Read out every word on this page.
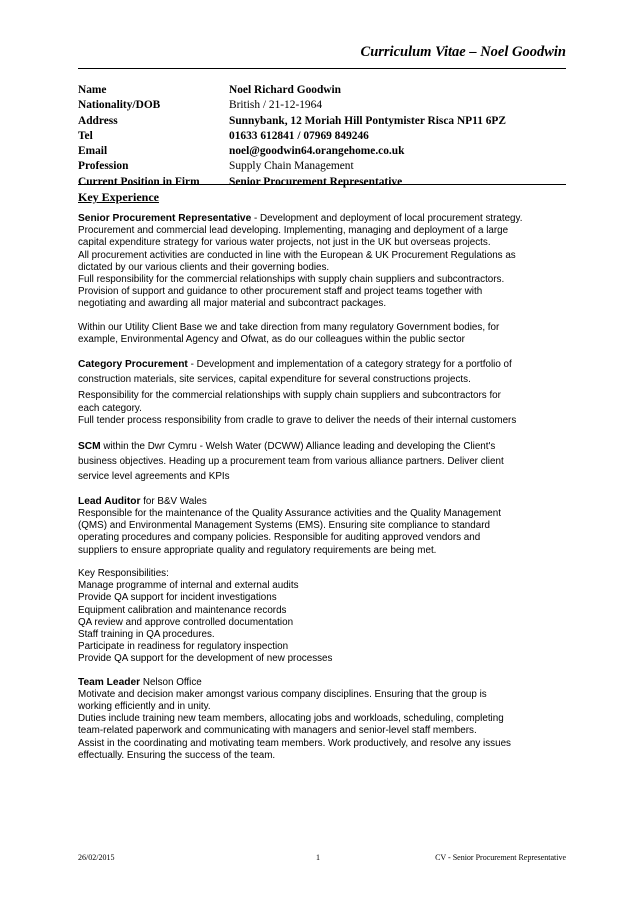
Curriculum Vitae – Noel Goodwin
Name	Noel Richard Goodwin
Nationality/DOB	British / 21-12-1964
Address	Sunnybank, 12 Moriah Hill Pontymister Risca NP11 6PZ
Tel	01633 612841 / 07969 849246
Email	noel@goodwin64.orangehome.co.uk
Profession	Supply Chain Management
Current Position in Firm	Senior Procurement Representative
Key Experience

Senior Procurement Representative - Development and deployment of local procurement strategy.

Procurement and commercial lead developing. Implementing, managing and deployment of a large

capital expenditure strategy for various water projects, not just in the UK but overseas projects.

All procurement activities are conducted in line with the European & UK Procurement Regulations as

dictated by our various clients and their governing bodies.

Full responsibility for the commercial relationships with supply chain suppliers and subcontractors.

Provision of support and guidance to other procurement staff and project teams together with

negotiating and awarding all major material and subcontract packages.

Within our Utility Client Base we and take direction from many regulatory Government bodies, for

example, Environmental Agency and Ofwat, as do our colleagues within the public sector

Category Procurement - Development and implementation of a category strategy for a portfolio of

construction materials, site services, capital expenditure for several constructions projects.

Responsibility for the commercial relationships with supply chain suppliers and subcontractors for

each category.

Full tender process responsibility from cradle to grave to deliver the needs of their internal customers

SCM within the Dwr Cymru - Welsh Water (DCWW) Alliance leading and developing the Client's

business objectives. Heading up a procurement team from various alliance partners. Deliver client

service level agreements and KPIs

Lead Auditor for B&V Wales

Responsible for the maintenance of the Quality Assurance activities and the Quality Management

(QMS) and Environmental Management Systems (EMS). Ensuring site compliance to standard

operating procedures and company policies. Responsible for auditing approved vendors and

suppliers to ensure appropriate quality and regulatory requirements are being met.

Key Responsibilities:

Manage programme of internal and external audits

Provide QA support for incident investigations

Equipment calibration and maintenance records

QA review and approve controlled documentation

Staff training in QA procedures.

Participate in readiness for regulatory inspection

Provide QA support for the development of new processes

Team Leader Nelson Office

Motivate and decision maker amongst various company disciplines. Ensuring that the group is

working efficiently and in unity.

Duties include training new team members, allocating jobs and workloads, scheduling, completing

team-related paperwork and communicating with managers and senior-level staff members.

Assist in the coordinating and motivating team members. Work productively, and resolve any issues

effectually. Ensuring the success of the team.

26/02/2015	1	CV - Senior Procurement Representative
